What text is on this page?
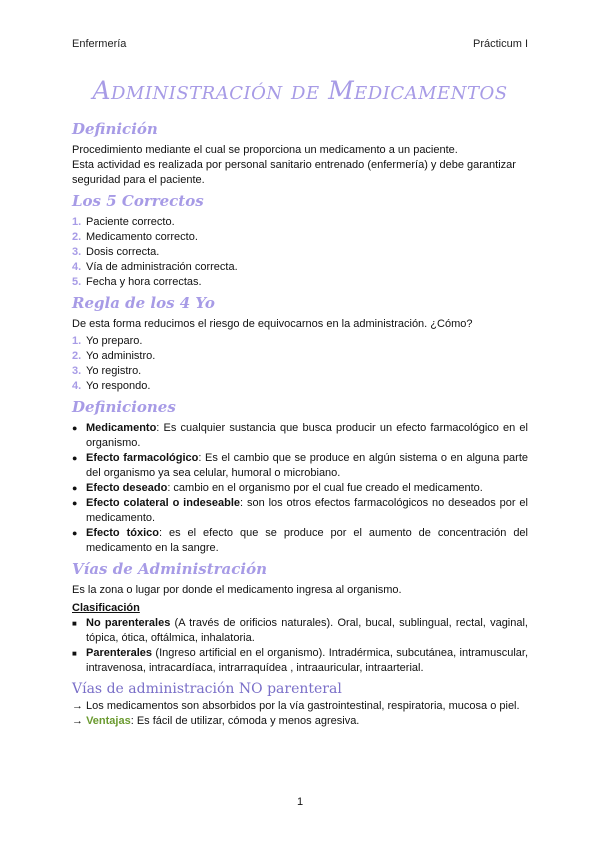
Enfermería	Prácticum I
Administración de Medicamentos
Definición

Procedimiento mediante el cual se proporciona un medicamento a un paciente.

Esta actividad es realizada por personal sanitario entrenado (enfermería) y debe garantizar seguridad para el paciente.

Los 5 Correctos
1. Paciente correcto.
2. Medicamento correcto.
3. Dosis correcta.
4. Vía de administración correcta.
5. Fecha y hora correctas.
Regla de los 4 Yo

De esta forma reducimos el riesgo de equivocarnos en la administración. ¿Cómo?

1. Yo preparo.
2. Yo administro.
3. Yo registro.
4. Yo respondo.
Definiciones
● Medicamento: Es cualquier sustancia que busca producir un efecto farmacológico en el organismo.
● Efecto farmacológico: Es el cambio que se produce en algún sistema o en alguna parte del organismo ya sea celular, humoral o microbiano.
● Efecto deseado: cambio en el organismo por el cual fue creado el medicamento.
● Efecto colateral o indeseable: son los otros efectos farmacológicos no deseados por el medicamento.
● Efecto tóxico: es el efecto que se produce por el aumento de concentración del medicamento en la sangre.
Vías de Administración

Es la zona o lugar por donde el medicamento ingresa al organismo.

Clasificación
■ No parenterales (A través de orificios naturales). Oral, bucal, sublingual, rectal, vaginal, tópica, ótica, oftálmica, inhalatoria.
■ Parenterales (Ingreso artificial en el organismo). Intradérmica, subcutánea, intramuscular, intravenosa, intracardíaca, intrarraquídea , intraauricular, intraarterial.
Vías de administración NO parenteral

→ Los medicamentos son absorbidos por la vía gastrointestinal, respiratoria, mucosa o piel.

→ Ventajas: Es fácil de utilizar, cómoda y menos agresiva.

1
